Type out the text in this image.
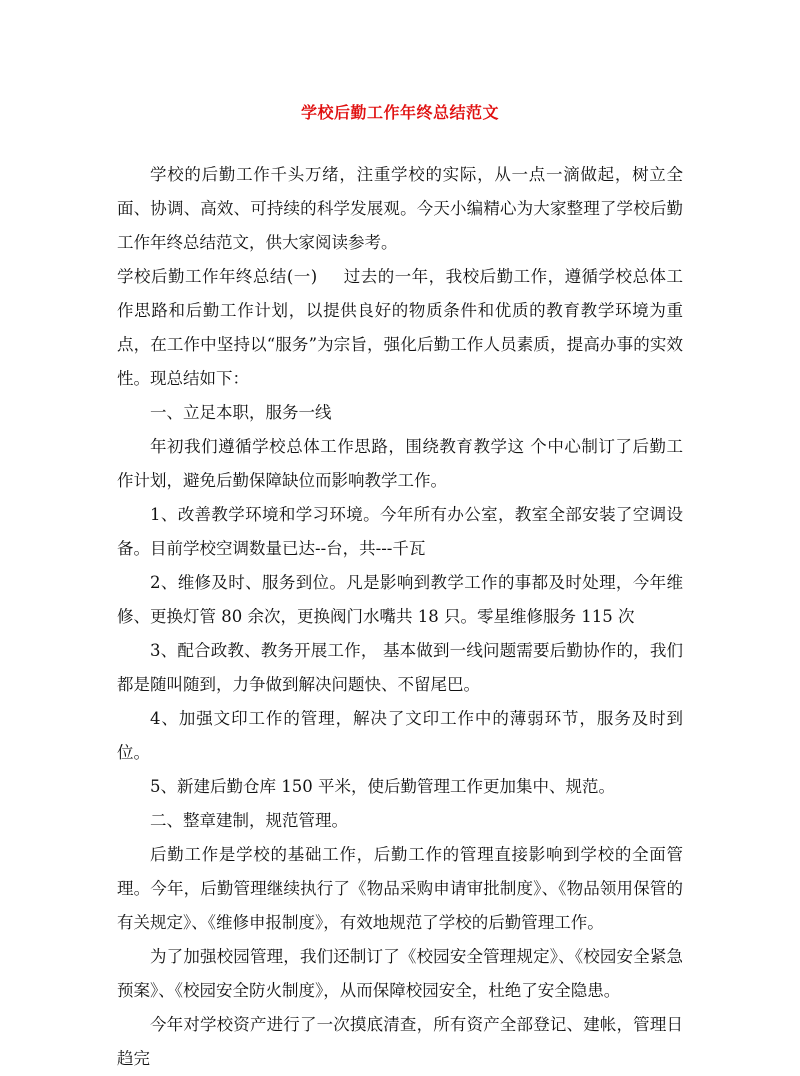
学校后勤工作年终总结范文

学校的后勤工作千头万绪，注重学校的实际，从一点一滴做起，树立全面、协调、高效、可持续的科学发展观。今天小编精心为大家整理了学校后勤工作年终总结范文，供大家阅读参考。

学校后勤工作年终总结(一) 过去的一年，我校后勤工作，遵循学校总体工作思路和后勤工作计划，以提供良好的物质条件和优质的教育教学环境为重点，在工作中坚持以“服务”为宗旨，强化后勤工作人员素质，提高办事的实效性。现总结如下：

一、立足本职，服务一线

年初我们遵循学校总体工作思路，围绕教育教学这 个中心制订了后勤工作计划，避免后勤保障缺位而影响教学工作。

1、改善教学环境和学习环境。今年所有办公室，教室全部安装了空调设备。目前学校空调数量已达--台，共---千瓦

2、维修及时、服务到位。凡是影响到教学工作的事都及时处理，今年维修、更换灯管 80 余次，更换阀门水嘴共 18 只。零星维修服务 115 次

3、配合政教、教务开展工作， 基本做到一线问题需要后勤协作的，我们都是随叫随到，力争做到解决问题快、不留尾巴。

4、加强文印工作的管理，解决了文印工作中的薄弱环节，服务及时到位。

5、新建后勤仓库 150 平米，使后勤管理工作更加集中、规范。

二、整章建制，规范管理。

后勤工作是学校的基础工作，后勤工作的管理直接影响到学校的全面管理。今年，后勤管理继续执行了《物品采购申请审批制度》、《物品领用保管的有关规定》、《维修申报制度》，有效地规范了学校的后勤管理工作。

为了加强校园管理，我们还制订了《校园安全管理规定》、《校园安全紧急预案》、《校园安全防火制度》，从而保障校园安全，杜绝了安全隐患。

今年对学校资产进行了一次摸底清查，所有资产全部登记、建帐，管理日趋完
